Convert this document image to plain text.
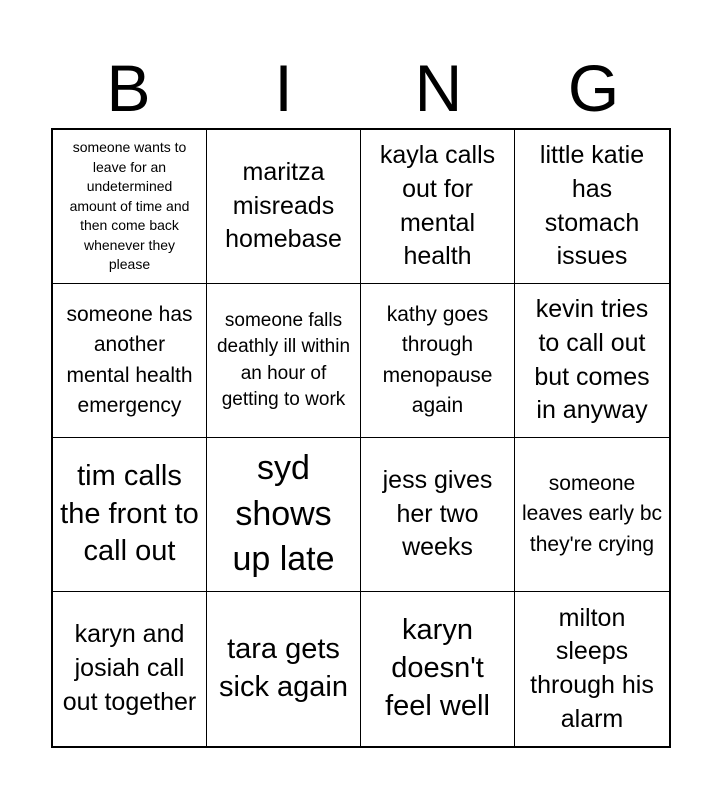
B	I	N	G
someone wants to leave for an undetermined amount of time and then come back whenever they please
maritza misreads homebase
kayla calls out for mental health
little katie has stomach issues
someone has another mental health emergency
someone falls deathly ill within an hour of getting to work
kathy goes through menopause again
kevin tries to call out but comes in anyway
tim calls the front to call out
syd shows up late
jess gives her two weeks
someone leaves early bc they're crying
karyn and josiah call out together
tara gets sick again
karyn doesn't feel well
milton sleeps through his alarm
